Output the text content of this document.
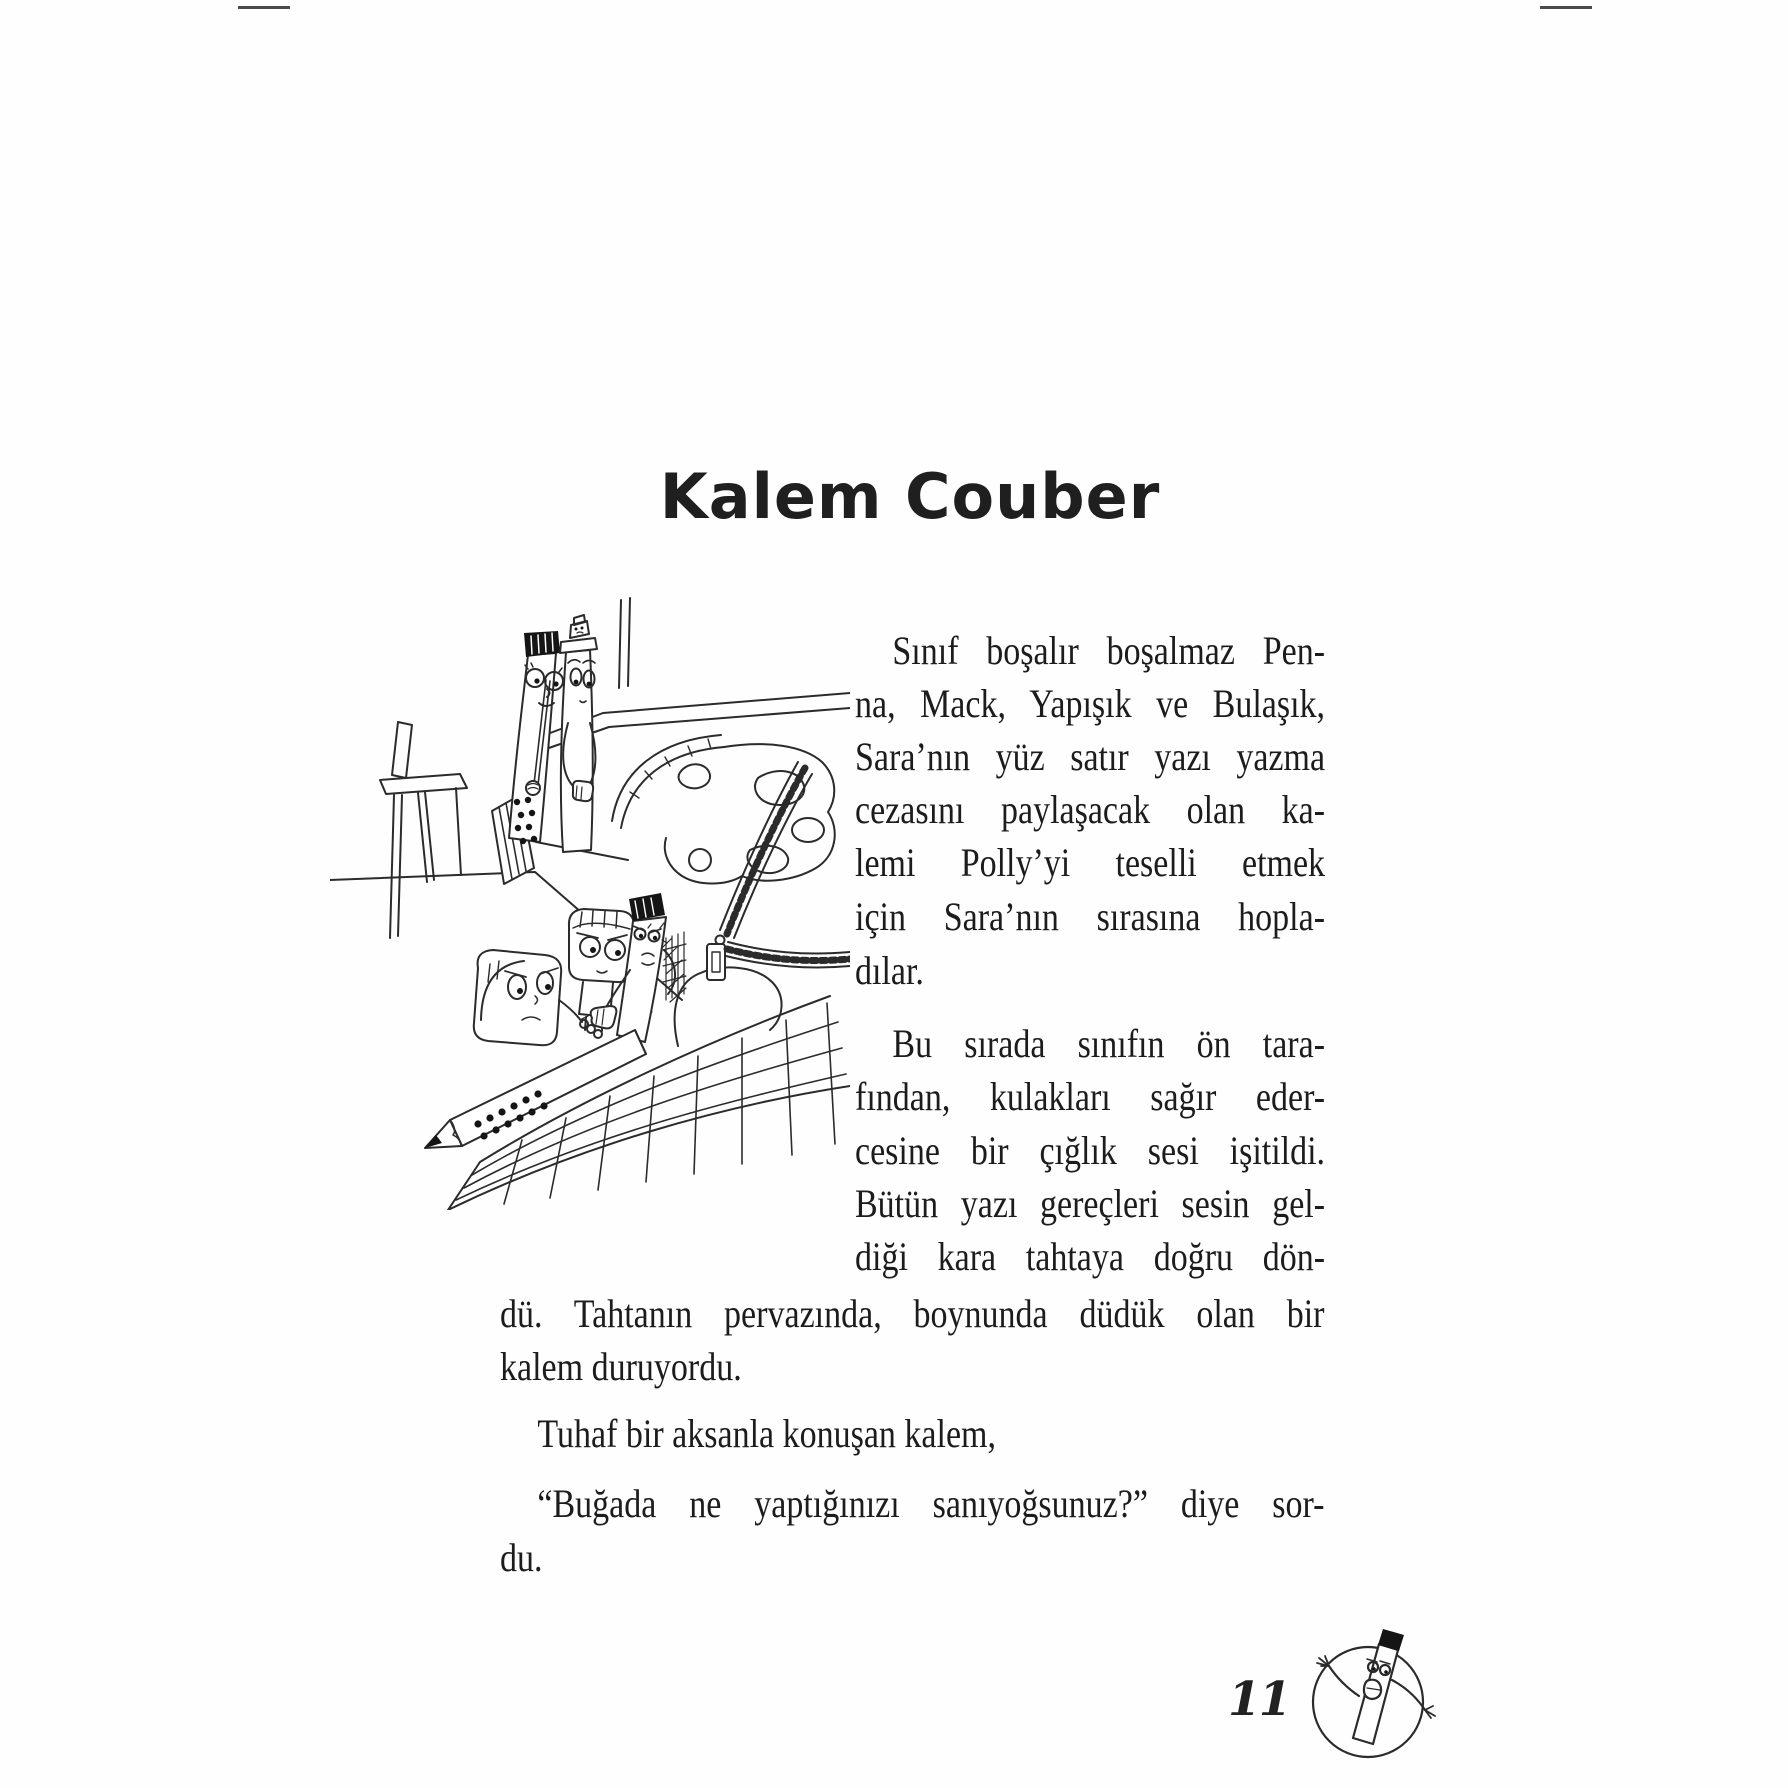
Kalem Couber
Sınıf boşalır boşalmaz Pen-
na, Mack, Yapışık ve Bulaşık,
Sara’nın yüz satır yazı yazma
cezasını paylaşacak olan ka-
lemi Polly’yi teselli etmek
için Sara’nın sırasına hopla-
dılar.
Bu sırada sınıfın ön tara-
fından, kulakları sağır eder-
cesine bir çığlık sesi işitildi.
Bütün yazı gereçleri sesin gel-
diği kara tahtaya doğru dön-
dü. Tahtanın pervazında, boynunda düdük olan bir
kalem duruyordu.
Tuhaf bir aksanla konuşan kalem,
“Buğada ne yaptığınızı sanıyoğsunuz?” diye sor-
du.
11
